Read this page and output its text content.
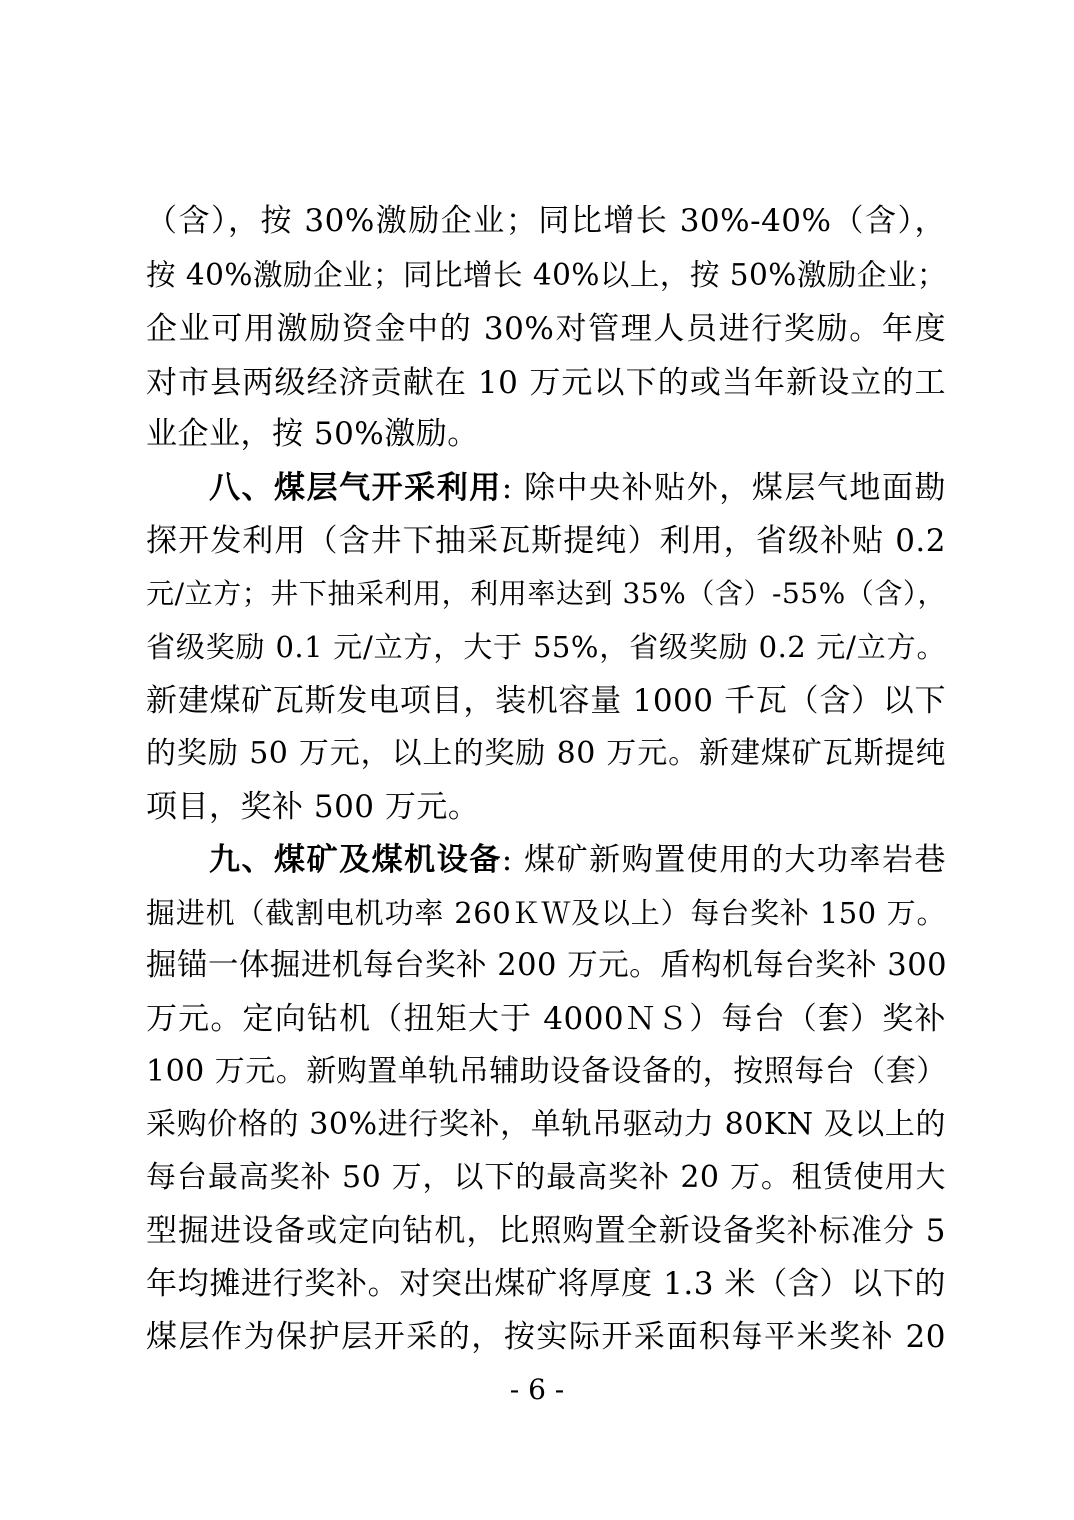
（含），按 30%激励企业；同比增长 30%-40%（含），
按 40%激励企业；同比增长 40%以上，按 50%激励企业；
企业可用激励资金中的 30%对管理人员进行奖励。年度
对市县两级经济贡献在 10 万元以下的或当年新设立的工
业企业，按 50%激励。
八、煤层气开采利用: 除中央补贴外，煤层气地面勘
探开发利用（含井下抽采瓦斯提纯）利用，省级补贴 0.2
元/立方；井下抽采利用，利用率达到 35%（含）-55%（含），
省级奖励 0.1 元/立方，大于 55%，省级奖励 0.2 元/立方。
新建煤矿瓦斯发电项目，装机容量 1000 千瓦（含）以下
的奖励 50 万元，以上的奖励 80 万元。新建煤矿瓦斯提纯
项目，奖补 500 万元。
九、煤矿及煤机设备: 煤矿新购置使用的大功率岩巷
掘进机（截割电机功率 260ＫＷ及以上）每台奖补 150 万。
掘锚一体掘进机每台奖补 200 万元。盾构机每台奖补 300
万元。定向钻机（扭矩大于 4000ＮＳ）每台（套）奖补
100 万元。新购置单轨吊辅助设备设备的，按照每台（套）
采购价格的 30%进行奖补，单轨吊驱动力 80KN 及以上的
每台最高奖补 50 万，以下的最高奖补 20 万。租赁使用大
型掘进设备或定向钻机，比照购置全新设备奖补标准分 5
年均摊进行奖补。对突出煤矿将厚度 1.3 米（含）以下的
煤层作为保护层开采的，按实际开采面积每平米奖补 20
- 6 -
